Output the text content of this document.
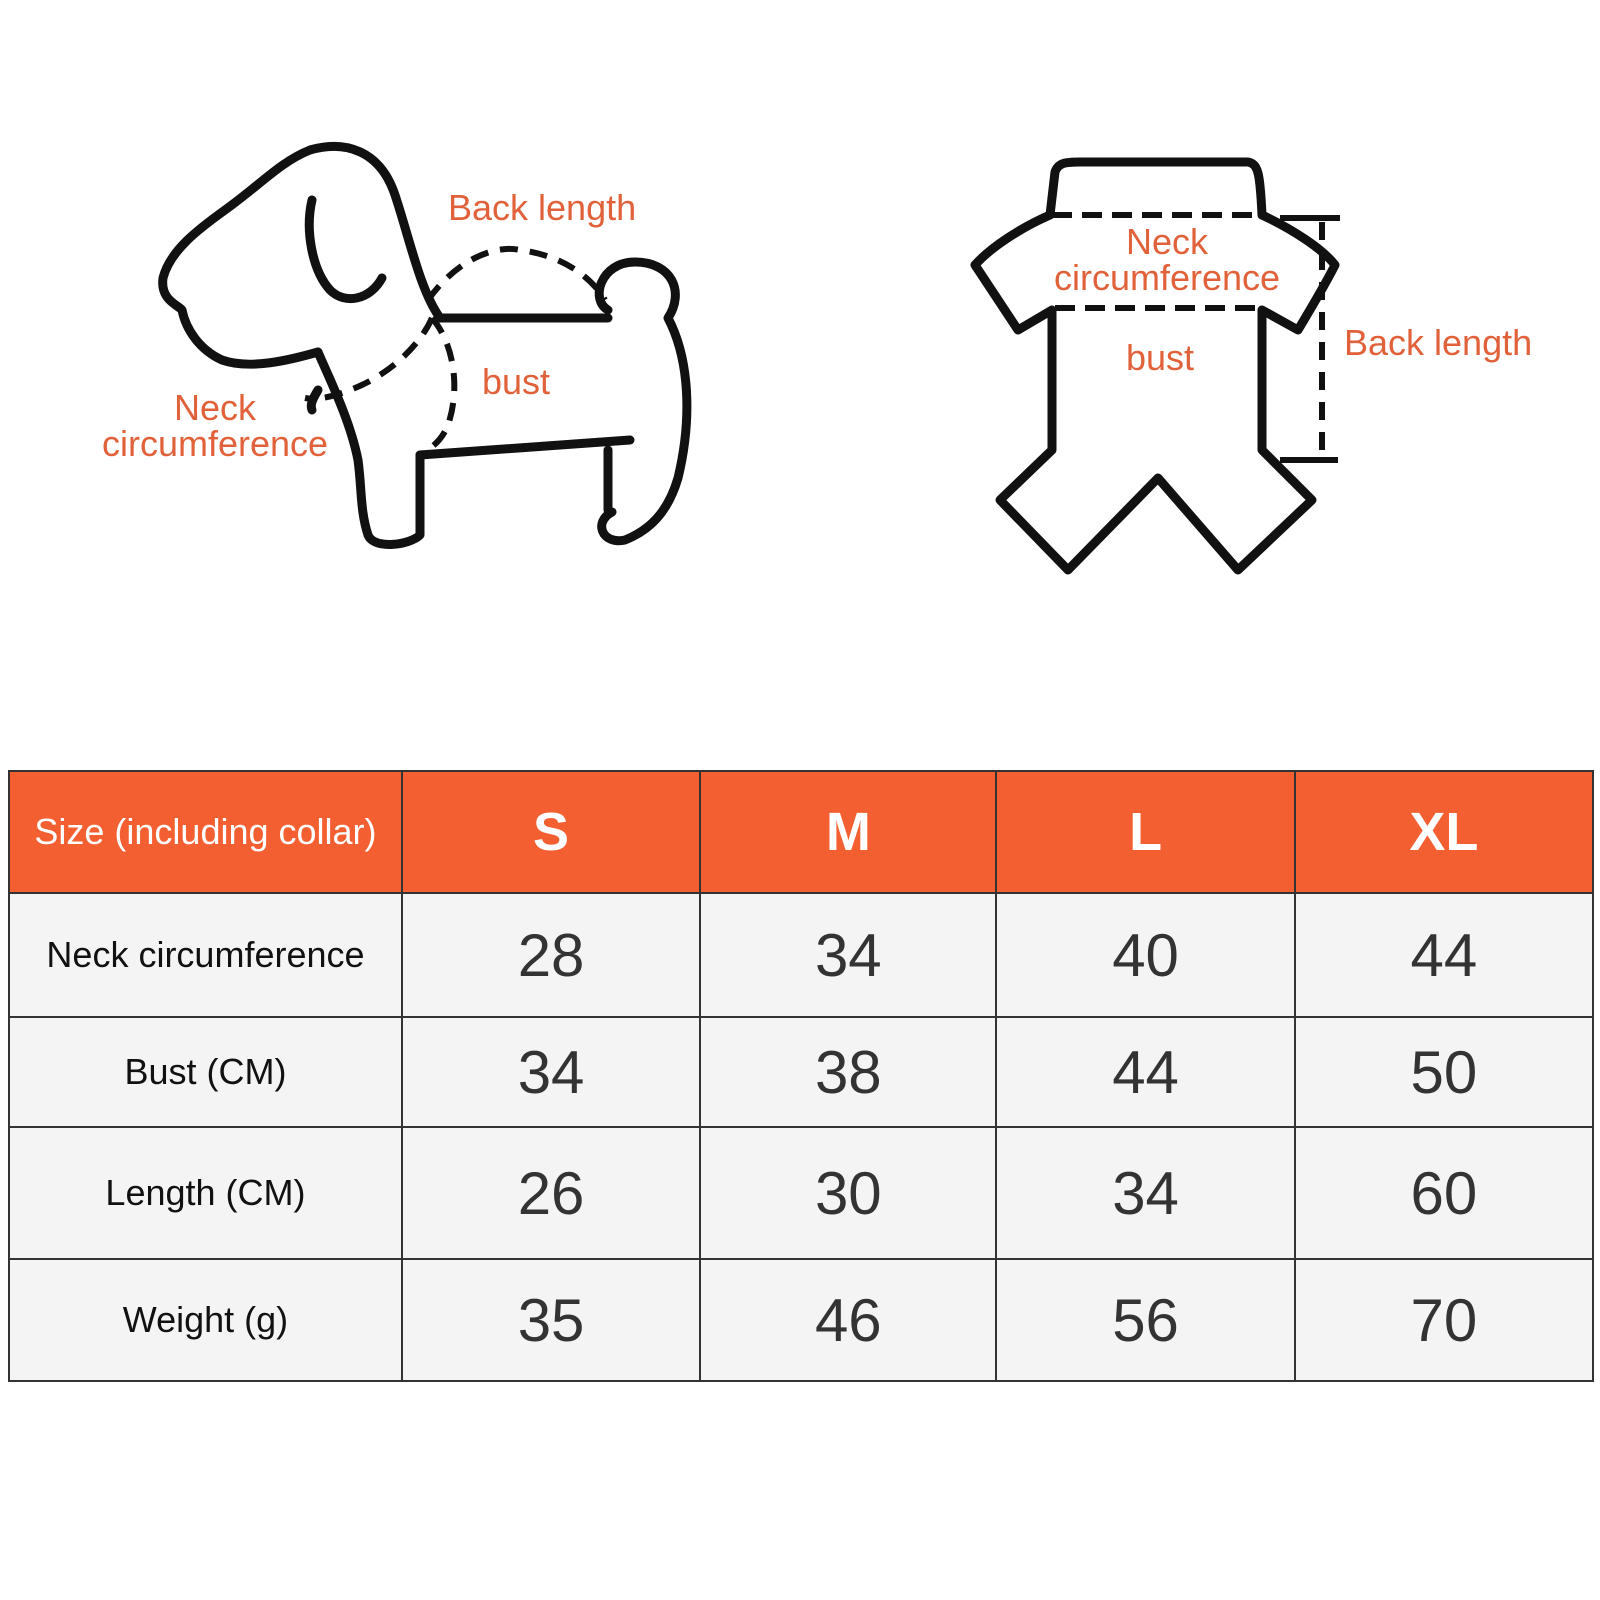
Back length
bust
Neck
circumference
Neck
circumference
bust	Back length
Size (including collar)	S	M	L	XL
Neck circumference	28	34	40	44
Bust (CM)	34	38	44	50
Length (CM)	26	30	34	60
Weight (g)	35	46	56	70
